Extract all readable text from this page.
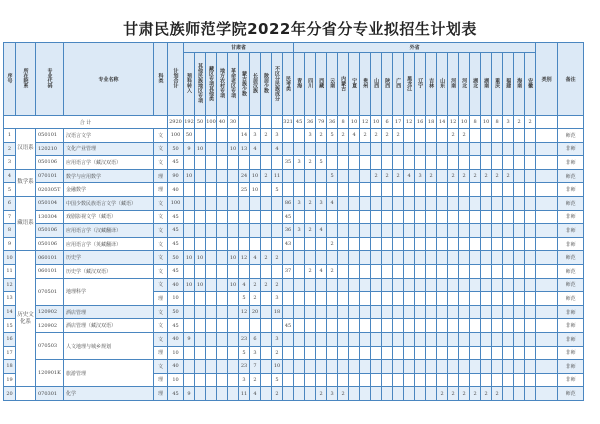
甘肃民族师范学院2022年分省分专业拟招生计划表
序号	所在院系	专业代码	专业名称	科类	计划合计	甘肃省										外省																						类别	备注	
						预科转入	其他民族地区专项	藏区专项其他类	地方农村专项	革命老区专项	蒙古族少数	长居汉族	散居少数	不区分民族成分	民考类	青海	四川	西藏	云南	内蒙古	宁夏	贵州	山西	陕西	广西	黑龙江	辽宁	吉林	山东	河南	河北	湖北	湖南	重庆	福建	海南	安徽			
合 计					2920	192	50	100	40	30					321	45	36	79	36	8	10	12	10	6	17	12	16	18	14	12	10	8	10	8	3	2	2			
1	汉语系	050101	汉语言文学	文	100	50					14	3	2	3			3	2	5	2	4	2	2	2	2					2	2								师范	
2		120210	文化产业管理	文	50	9	10			10	13	4		4																									非师	
3		050106	应用语言学（藏汉双语）	文	45										35	3	2	5																					非师	
4	数学系	070101	数学与应用数学	理	90	10					24	10	2	11					5				2	2	2	4	3	2		2	2	2	2	2	2				师范	
5		020305T	金融数学	理	40						25	10		5																									非师	
6	藏语系	050104	中国少数民族语言文学（藏语）	文	100										86	3	2	3	4																				师范	
7		130304	戏剧影视文学（藏语）	文	45										45																								非师	
8		050106	应用语言学（汉藏翻译）	文	45										36	3	2	4																					非师	
9		050106	应用语言学（英藏翻译）	文	45										43				2																				非师	
10	历史文化系	060101	历史学	文	50	10	10			10	12	4	2	2																									师范	
11		060101	历史学（藏汉双语）	文	45										37		2	4	2																				师范	
12		070501	地理科学	文	40	10	10			10	4	2	2	2																									师范	
13				理	10						5	2		3																									师范	
14		120902	酒店管理	文	50						12	20		18																									非师	
15		120902	酒店管理（藏汉双语）	文	45										45																								非师	
16		070503	人文地理与城乡规划	文	40	9					23	6		3																									非师	
17				理	10						5	3		2																									非师	
18		120901K	旅游管理	文	40						23	7		10																									非师	
19				理	10						3	2		5																									非师	
20		070301	化学	理	45	9					11	4		2				2	3	2									2	2	2	2	2	2					师范	
